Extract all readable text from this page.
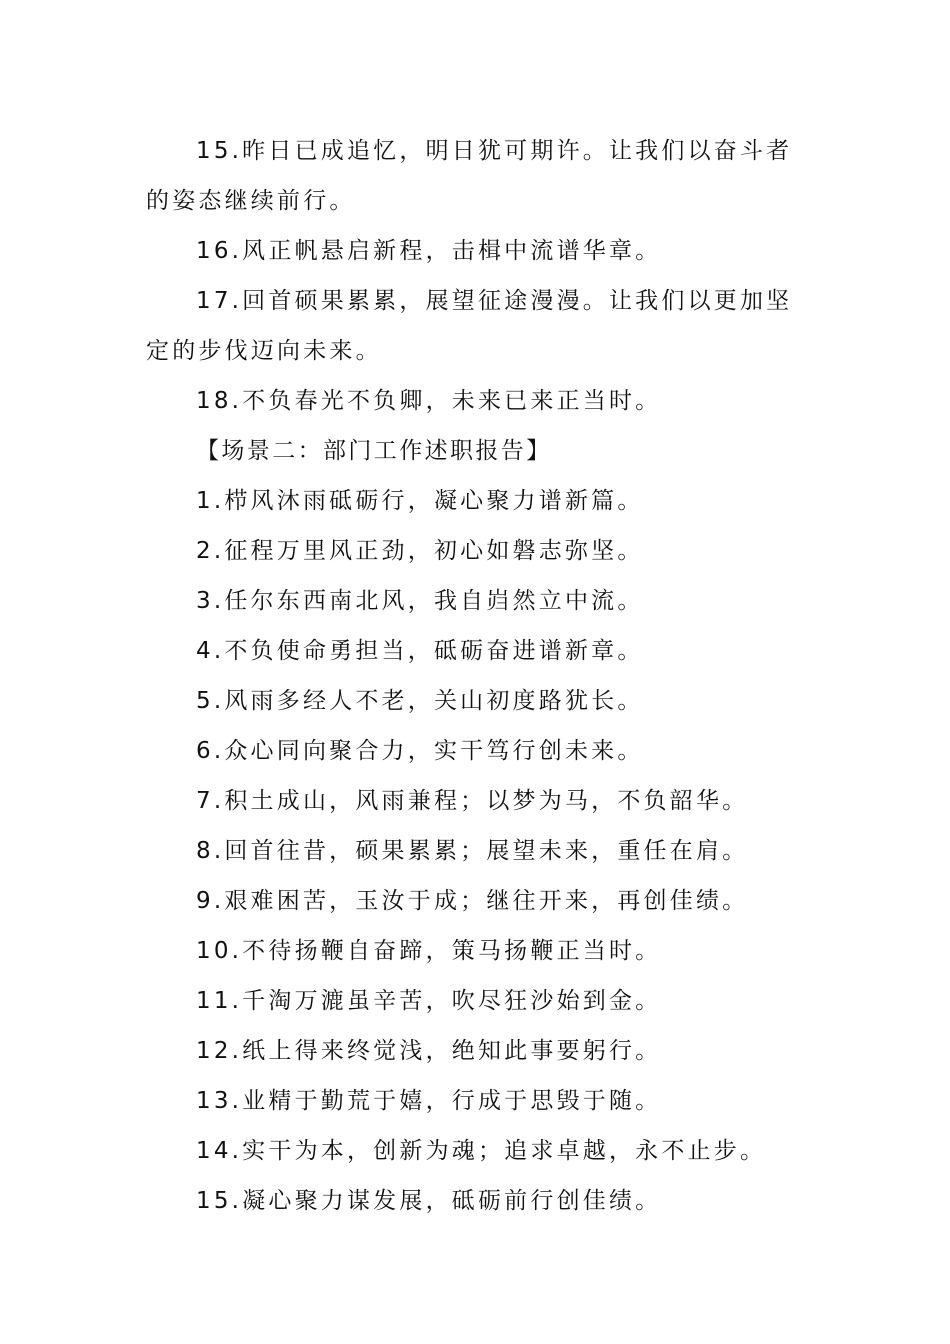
15.昨日已成追忆，明日犹可期许。让我们以奋斗者的姿态继续前行。

16.风正帆悬启新程，击楫中流谱华章。

17.回首硕果累累，展望征途漫漫。让我们以更加坚定的步伐迈向未来。

18.不负春光不负卿，未来已来正当时。

【场景二：部门工作述职报告】

1.栉风沐雨砥砺行，凝心聚力谱新篇。

2.征程万里风正劲，初心如磐志弥坚。

3.任尔东西南北风，我自岿然立中流。

4.不负使命勇担当，砥砺奋进谱新章。

5.风雨多经人不老，关山初度路犹长。

6.众心同向聚合力，实干笃行创未来。

7.积土成山，风雨兼程；以梦为马，不负韶华。

8.回首往昔，硕果累累；展望未来，重任在肩。

9.艰难困苦，玉汝于成；继往开来，再创佳绩。

10.不待扬鞭自奋蹄，策马扬鞭正当时。

11.千淘万漉虽辛苦，吹尽狂沙始到金。

12.纸上得来终觉浅，绝知此事要躬行。

13.业精于勤荒于嬉，行成于思毁于随。

14.实干为本，创新为魂；追求卓越，永不止步。

15.凝心聚力谋发展，砥砺前行创佳绩。
